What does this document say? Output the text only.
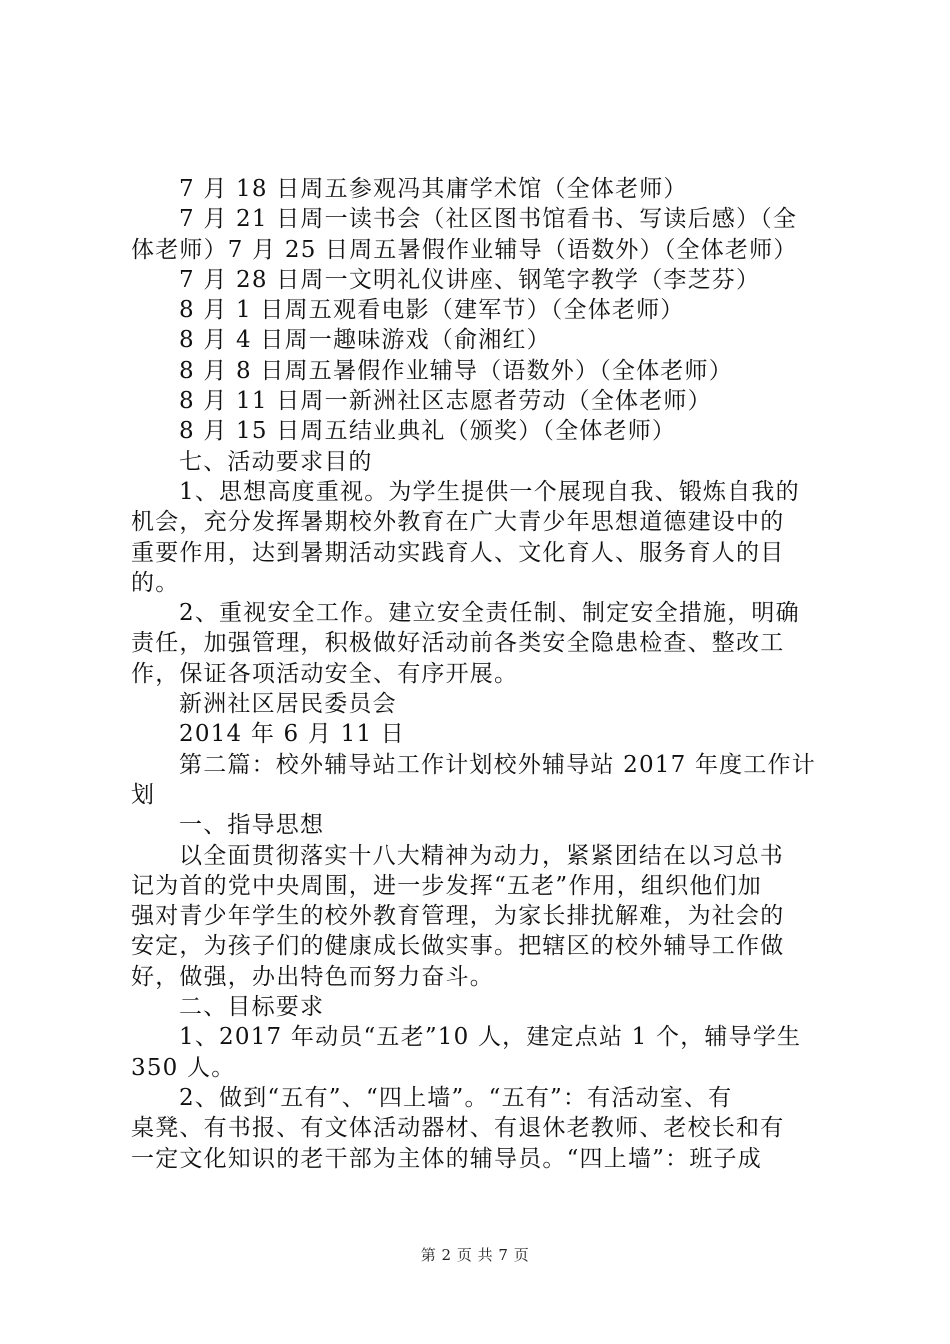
7 月 18 日周五参观冯其庸学术馆（全体老师）
7 月 21 日周一读书会（社区图书馆看书、写读后感）（全
体老师）7 月 25 日周五暑假作业辅导（语数外）（全体老师）
7 月 28 日周一文明礼仪讲座、钢笔字教学（李芝芬）
8 月 1 日周五观看电影（建军节）（全体老师）
8 月 4 日周一趣味游戏（俞湘红）
8 月 8 日周五暑假作业辅导（语数外）（全体老师）
8 月 11 日周一新洲社区志愿者劳动（全体老师）
8 月 15 日周五结业典礼（颁奖）（全体老师）
七、活动要求目的
1、思想高度重视。为学生提供一个展现自我、锻炼自我的
机会，充分发挥暑期校外教育在广大青少年思想道德建设中的
重要作用，达到暑期活动实践育人、文化育人、服务育人的目
的。
2、重视安全工作。建立安全责任制、制定安全措施，明确
责任，加强管理，积极做好活动前各类安全隐患检查、整改工
作，保证各项活动安全、有序开展。
新洲社区居民委员会
2014 年 6 月 11 日
第二篇：校外辅导站工作计划校外辅导站 2017 年度工作计
划
一、指导思想
以全面贯彻落实十八大精神为动力，紧紧团结在以习总书
记为首的党中央周围，进一步发挥“五老”作用，组织他们加
强对青少年学生的校外教育管理，为家长排扰解难，为社会的
安定，为孩子们的健康成长做实事。把辖区的校外辅导工作做
好，做强，办出特色而努力奋斗。
二、目标要求
1、2017 年动员“五老”10 人，建定点站 1 个，辅导学生
350 人。
2、做到“五有”、“四上墙”。“五有”：有活动室、有
桌凳、有书报、有文体活动器材、有退休老教师、老校长和有
一定文化知识的老干部为主体的辅导员。“四上墙”：班子成
第 2 页 共 7 页
